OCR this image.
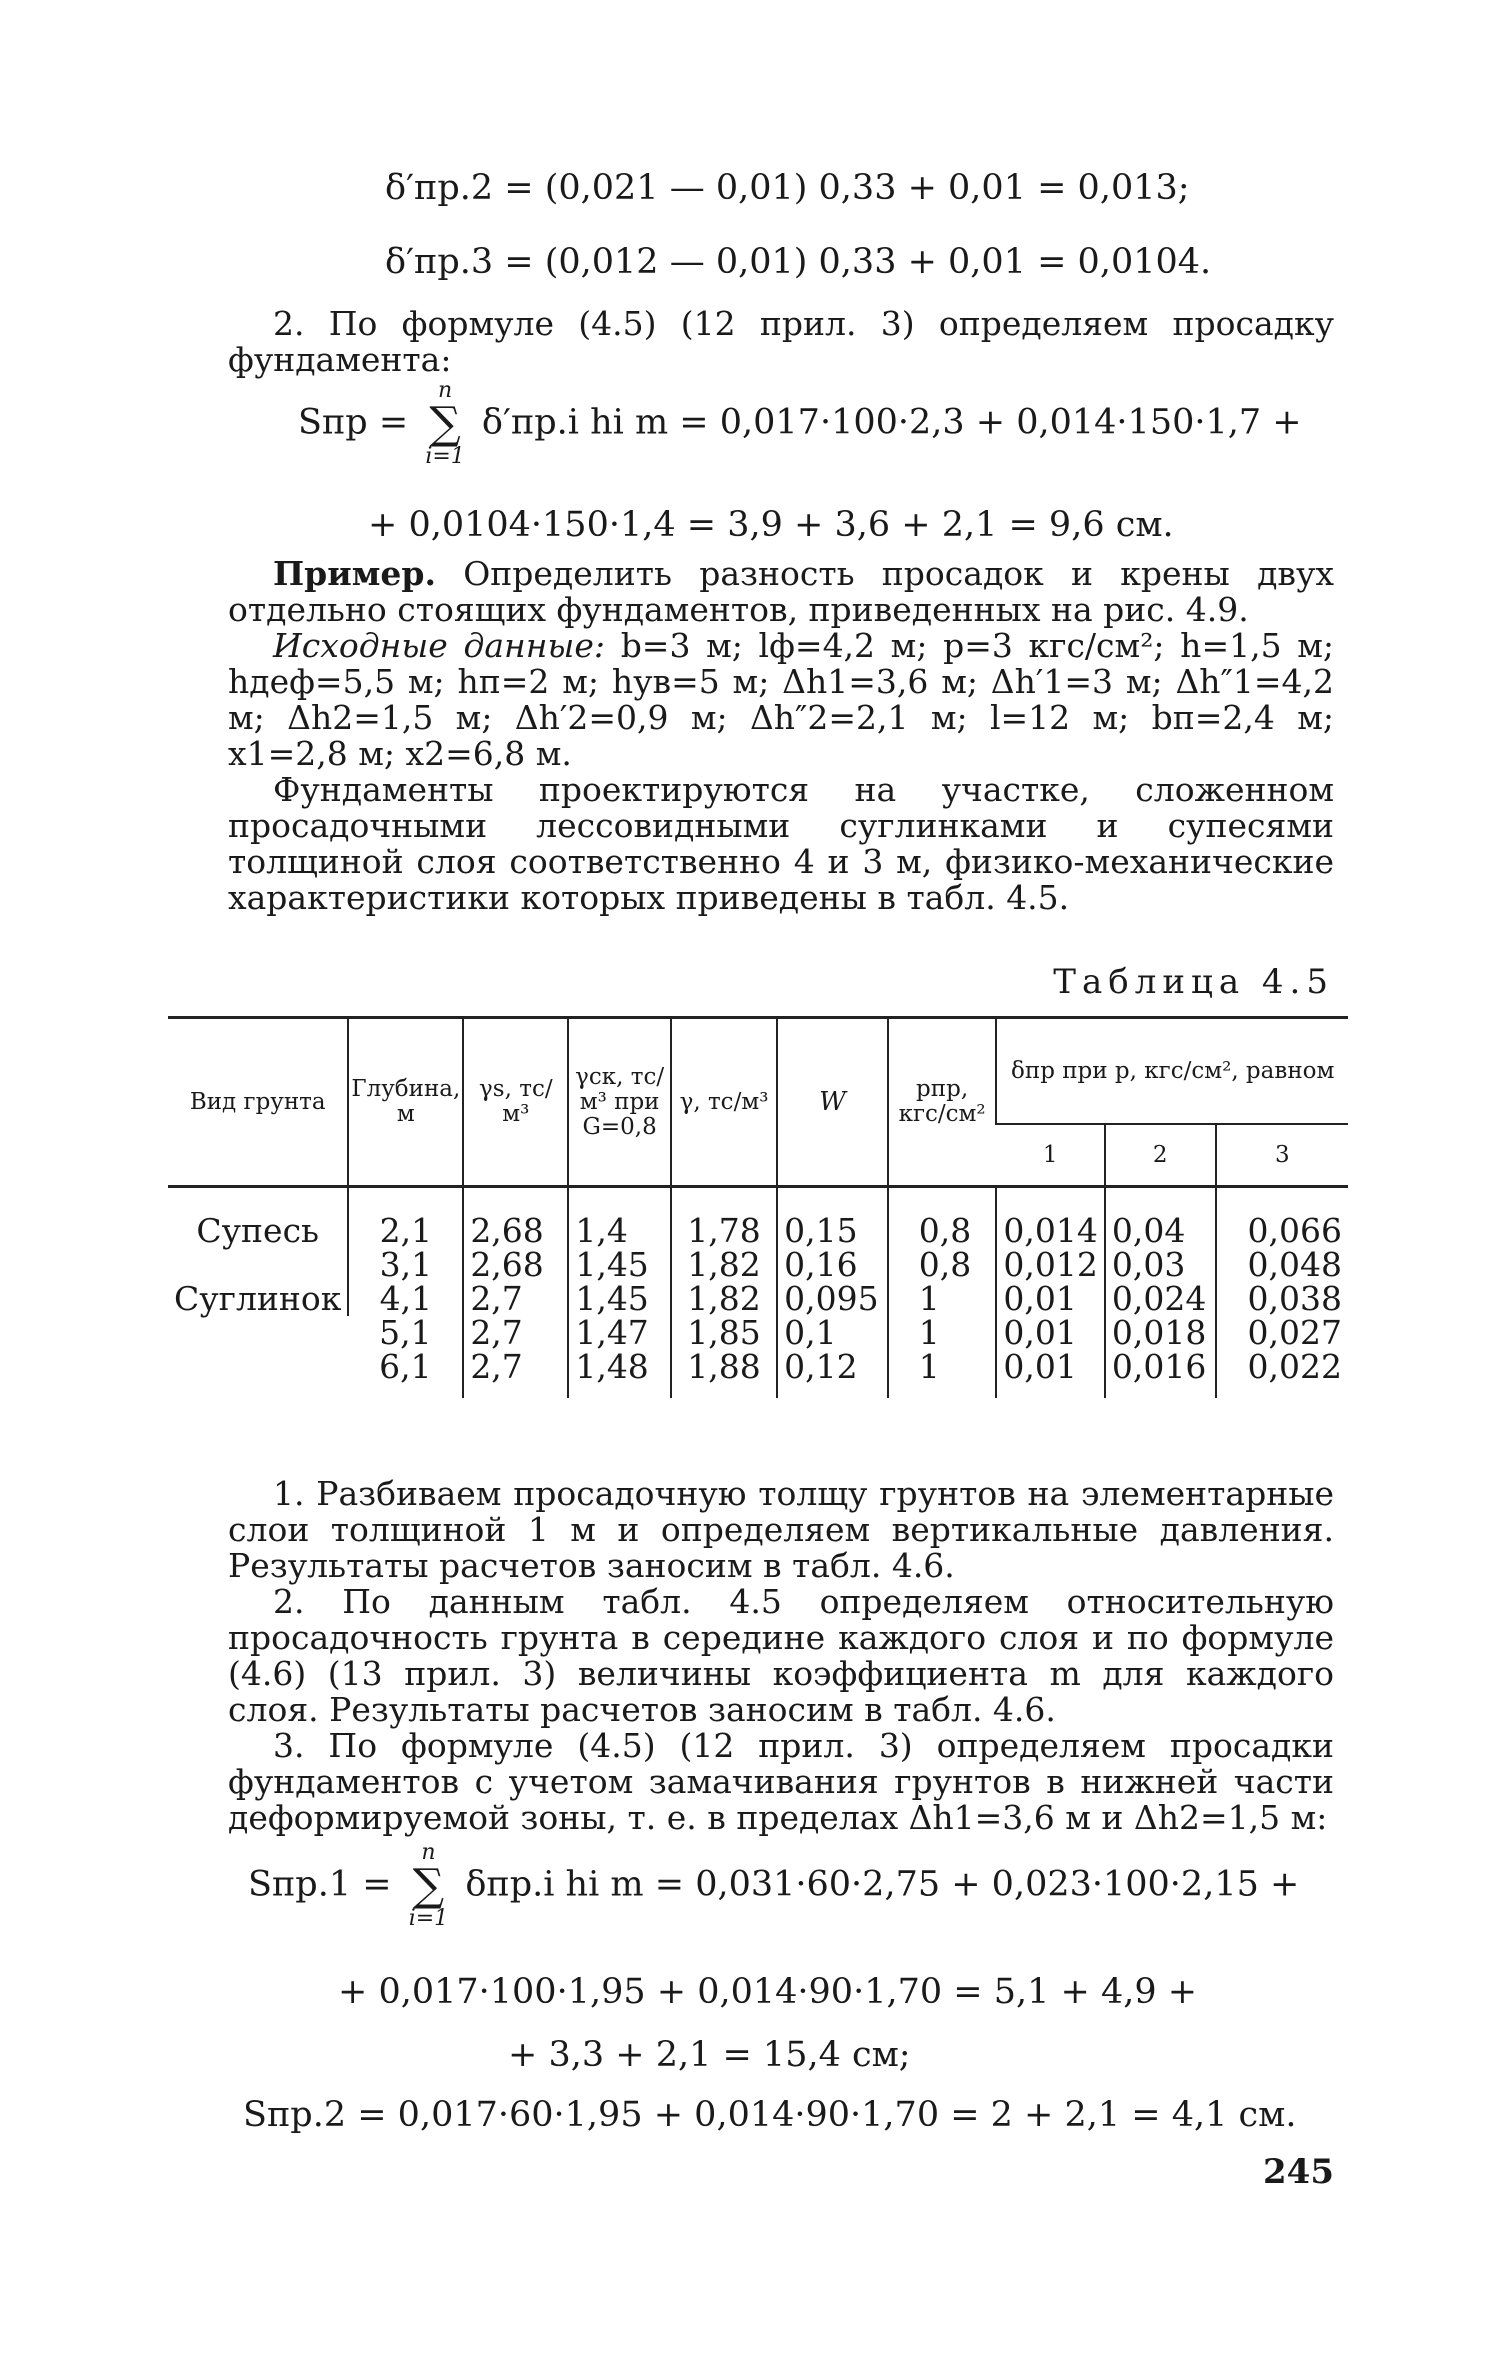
δ′пр.2 = (0,021 — 0,01) 0,33 + 0,01 = 0,013;
δ′пр.3 = (0,012 — 0,01) 0,33 + 0,01 = 0,0104.

2. По формуле (4.5) (12 прил. 3) определяем просадку фундамента:

Sпр =
n
∑
i=1
δ′пр.i hi m = 0,017·100·2,3 + 0,014·150·1,7 +
+ 0,0104·150·1,4 = 3,9 + 3,6 + 2,1 = 9,6 см.

Пример. Определить разность просадок и крены двух отдельно стоящих фундаментов, приведенных на рис. 4.9.

Исходные данные: b=3 м; lф=4,2 м; p=3 кгс/см²; h=1,5 м; hдеф=5,5 м; hп=2 м; hув=5 м; Δh1=3,6 м; Δh′1=3 м; Δh″1=4,2 м; Δh2=1,5 м; Δh′2=0,9 м; Δh″2=2,1 м; l=12 м; bп=2,4 м; x1=2,8 м; x2=6,8 м.

Фундаменты проектируются на участке, сложенном просадочными лессовидными суглинками и супесями толщиной слоя соответственно 4 и 3 м, физико-механические характеристики которых приведены в табл. 4.5.

Таблица 4.5
Вид грунта	Глубина, м	γs, тс/м³	γск, тс/м³ при G=0,8	γ, тс/м³	W	pпр, кгс/см²	δпр при p, кгс/см², равном		
							1	2	3
Супесь	2,1	2,68	1,4	1,78	0,15	0,8	0,014	0,04	0,066
	3,1	2,68	1,45	1,82	0,16	0,8	0,012	0,03	0,048
Суглинок	4,1	2,7	1,45	1,82	0,095	1	0,01	0,024	0,038
	5,1	2,7	1,47	1,85	0,1	1	0,01	0,018	0,027
	6,1	2,7	1,48	1,88	0,12	1	0,01	0,016	0,022

1. Разбиваем просадочную толщу грунтов на элементарные слои толщиной 1 м и определяем вертикальные давления. Результаты расчетов заносим в табл. 4.6.

2. По данным табл. 4.5 определяем относительную просадочность грунта в середине каждого слоя и по формуле (4.6) (13 прил. 3) величины коэффициента m для каждого слоя. Результаты расчетов заносим в табл. 4.6.

3. По формуле (4.5) (12 прил. 3) определяем просадки фундаментов с учетом замачивания грунтов в нижней части деформируемой зоны, т. е. в пределах Δh1=3,6 м и Δh2=1,5 м:

Sпр.1 =
n
∑
i=1
δпр.i hi m = 0,031·60·2,75 + 0,023·100·2,15 +
+ 0,017·100·1,95 + 0,014·90·1,70 = 5,1 + 4,9 +
+ 3,3 + 2,1 = 15,4 см;
Sпр.2 = 0,017·60·1,95 + 0,014·90·1,70 = 2 + 2,1 = 4,1 см.
245
